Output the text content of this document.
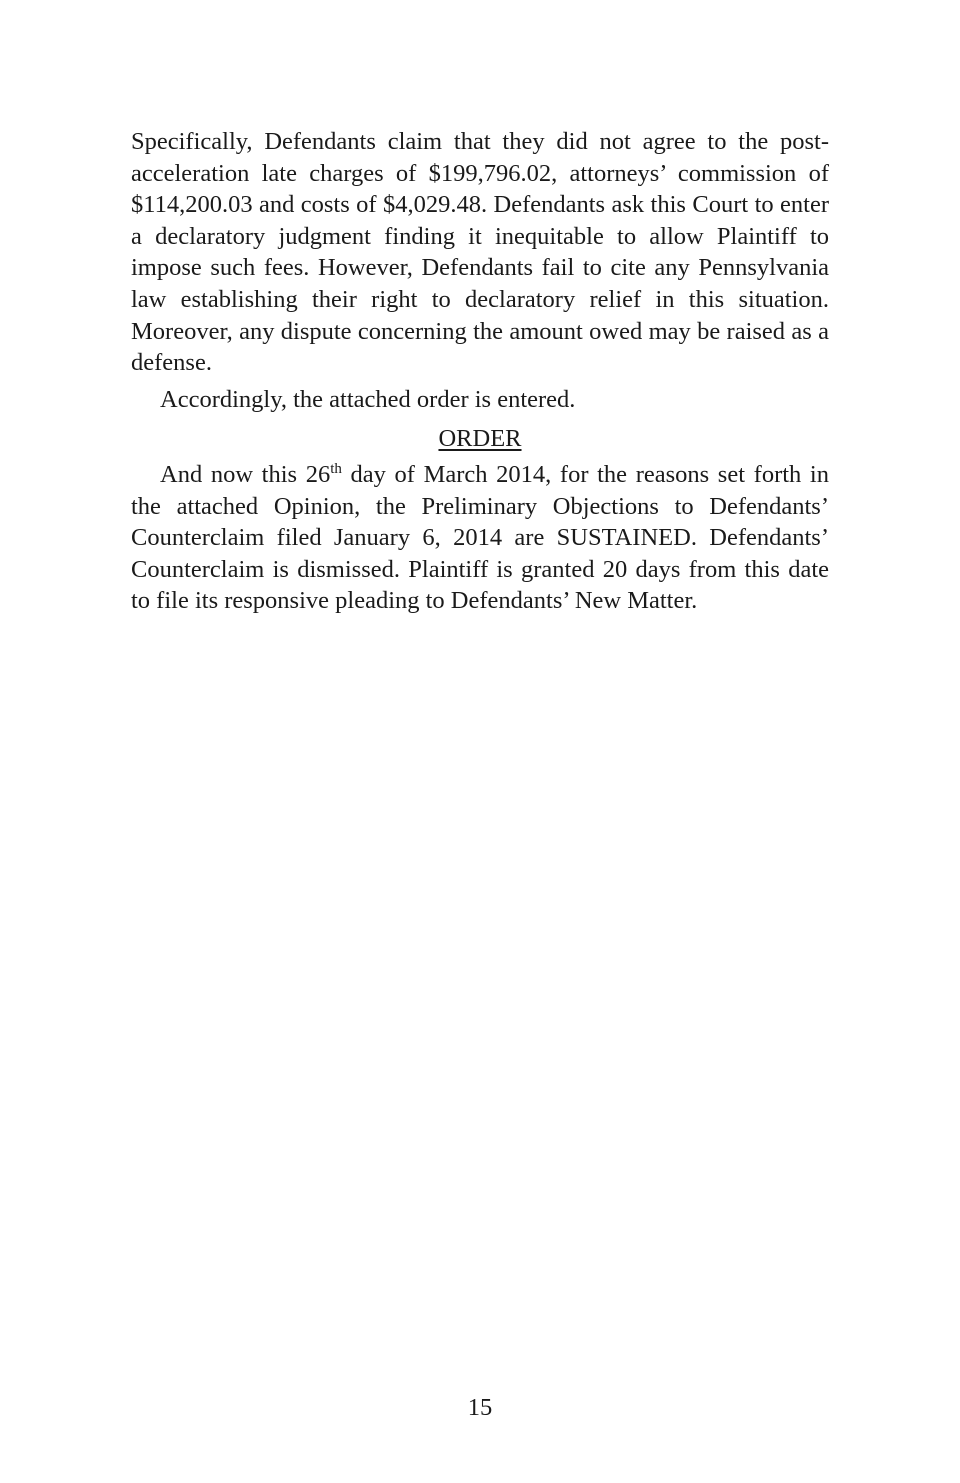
Specifically, Defendants claim that they did not agree to the post-acceleration late charges of $199,796.02, attorneys’ commission of $114,200.03 and costs of $4,029.48. Defendants ask this Court to enter a declaratory judgment finding it inequitable to allow Plaintiff to impose such fees. However, Defendants fail to cite any Pennsylvania law establishing their right to declaratory relief in this situation. Moreover, any dispute concerning the amount owed may be raised as a defense.

Accordingly, the attached order is entered.

ORDER

And now this 26th day of March 2014, for the reasons set forth in the attached Opinion, the Preliminary Objections to Defendants’ Counterclaim filed January 6, 2014 are SUSTAINED. Defendants’ Counterclaim is dismissed. Plaintiff is granted 20 days from this date to file its responsive pleading to Defendants’ New Matter.

15
